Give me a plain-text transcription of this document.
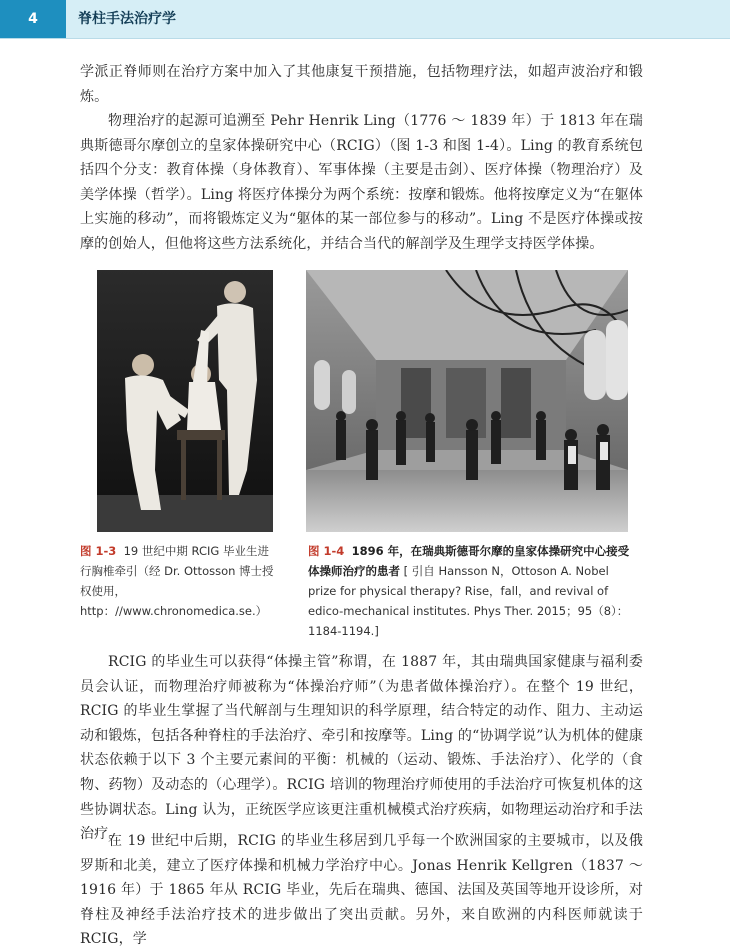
4	脊柱手法治疗学

学派正脊师则在治疗方案中加入了其他康复干预措施，包括物理疗法，如超声波治疗和锻炼。

物理治疗的起源可追溯至 Pehr Henrik Ling（1776 ～ 1839 年）于 1813 年在瑞典斯德哥尔摩创立的皇家体操研究中心（RCIG）（图 1-3 和图 1-4）。Ling 的教育系统包括四个分支：教育体操（身体教育）、军事体操（主要是击剑）、医疗体操（物理治疗）及美学体操（哲学）。Ling 将医疗体操分为两个系统：按摩和锻炼。他将按摩定义为“在躯体上实施的移动”，而将锻炼定义为“躯体的某一部位参与的移动”。Ling 不是医疗体操或按摩的创始人，但他将这些方法系统化，并结合当代的解剖学及生理学支持医学体操。

图 1-3 19 世纪中期 RCIG 毕业生进行胸椎牵引（经 Dr. Ottosson 博士授权使用，http：//www.chronomedica.se.）

图 1-4 1896 年，在瑞典斯德哥尔摩的皇家体操研究中心接受体操师治疗的患者 [ 引自 Hansson N，Ottoson A. Nobel prize for physical therapy? Rise，fall，and revival of edico-mechanical institutes. Phys Ther. 2015；95（8）：1184-1194.]

RCIG 的毕业生可以获得“体操主管”称谓，在 1887 年，其由瑞典国家健康与福利委员会认证，而物理治疗师被称为“体操治疗师”（为患者做体操治疗）。在整个 19 世纪，RCIG 的毕业生掌握了当代解剖与生理知识的科学原理，结合特定的动作、阻力、主动运动和锻炼，包括各种脊柱的手法治疗、牵引和按摩等。Ling 的“协调学说”认为机体的健康状态依赖于以下 3 个主要元素间的平衡：机械的（运动、锻炼、手法治疗）、化学的（食物、药物）及动态的（心理学）。RCIG 培训的物理治疗师使用的手法治疗可恢复机体的这些协调状态。Ling 认为，正统医学应该更注重机械模式治疗疾病，如物理运动治疗和手法治疗。

在 19 世纪中后期，RCIG 的毕业生移居到几乎每一个欧洲国家的主要城市，以及俄罗斯和北美，建立了医疗体操和机械力学治疗中心。Jonas Henrik Kellgren（1837 ～ 1916 年）于 1865 年从 RCIG 毕业，先后在瑞典、德国、法国及英国等地开设诊所，对脊柱及神经手法治疗技术的进步做出了突出贡献。另外，来自欧洲的内科医师就读于 RCIG，学
